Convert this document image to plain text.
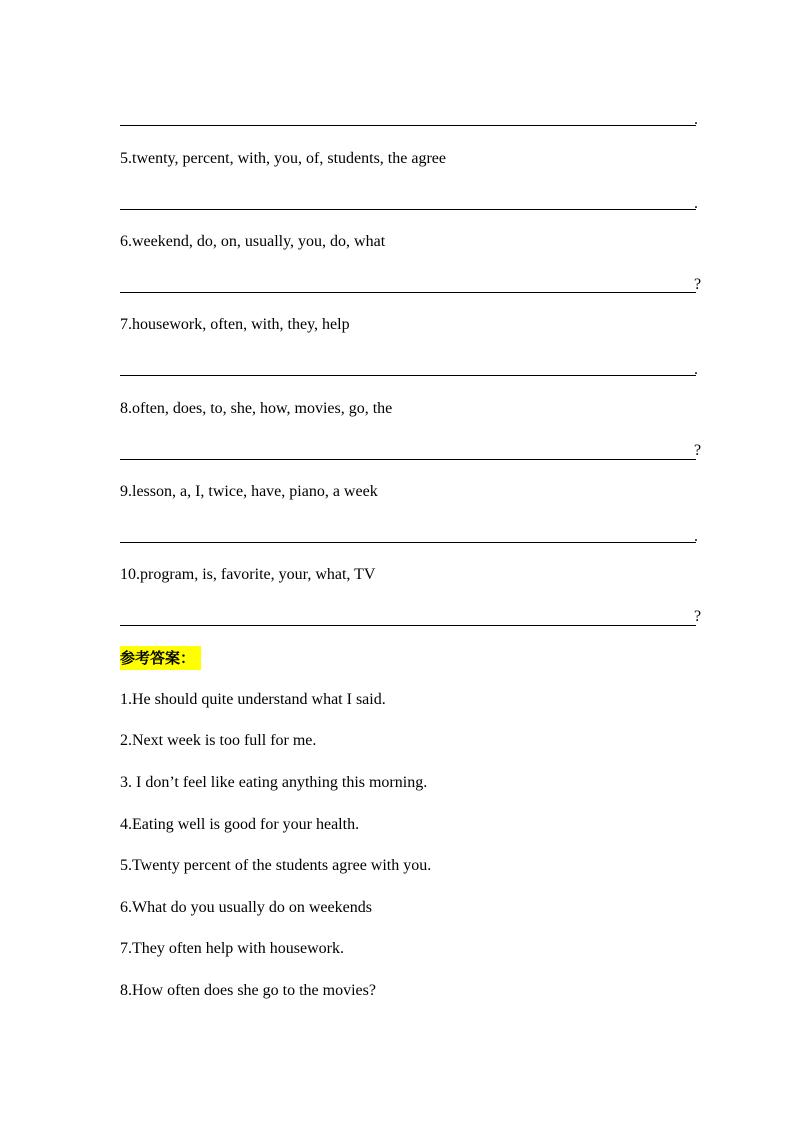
.
5.twenty, percent, with, you, of, students, the agree
.
6.weekend, do, on, usually, you, do, what
?
7.housework, often, with, they, help
.
8.often, does, to, she, how, movies, go, the
?
9.lesson, a, I, twice, have, piano, a week
.
10.program, is, favorite, your, what, TV
?
参考答案：
1.He should quite understand what I said.
2.Next week is too full for me.
3. I don’t feel like eating anything this morning.
4.Eating well is good for your health.
5.Twenty percent of the students agree with you.
6.What do you usually do on weekends
7.They often help with housework.
8.How often does she go to the movies?
